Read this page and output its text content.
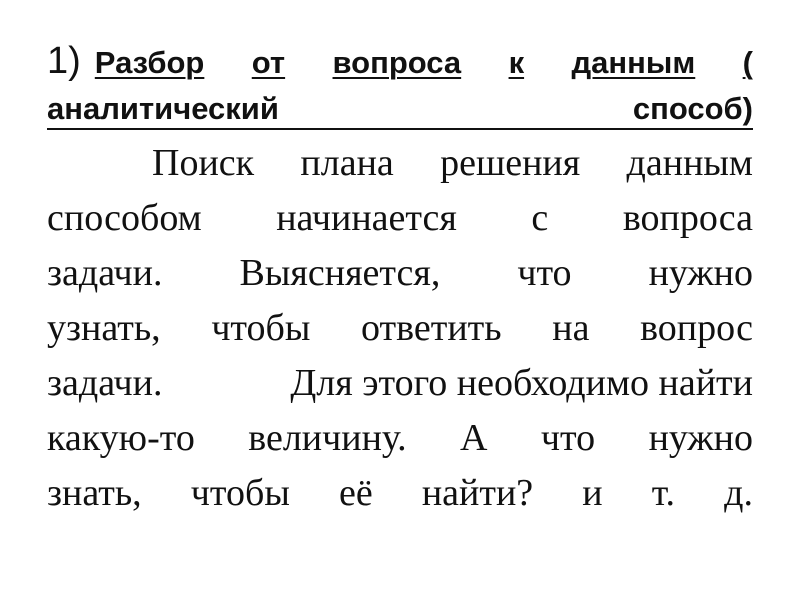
1) Разбор от вопроса к данным (
аналитический	способ)
Поиск плана решения данным
способом начинается с вопроса
задачи. Выясняется, что нужно
узнать, чтобы ответить на вопрос
задачи.	Для этого необходимо найти
какую-то величину. А что нужно
знать, чтобы её найти? и т. д.
